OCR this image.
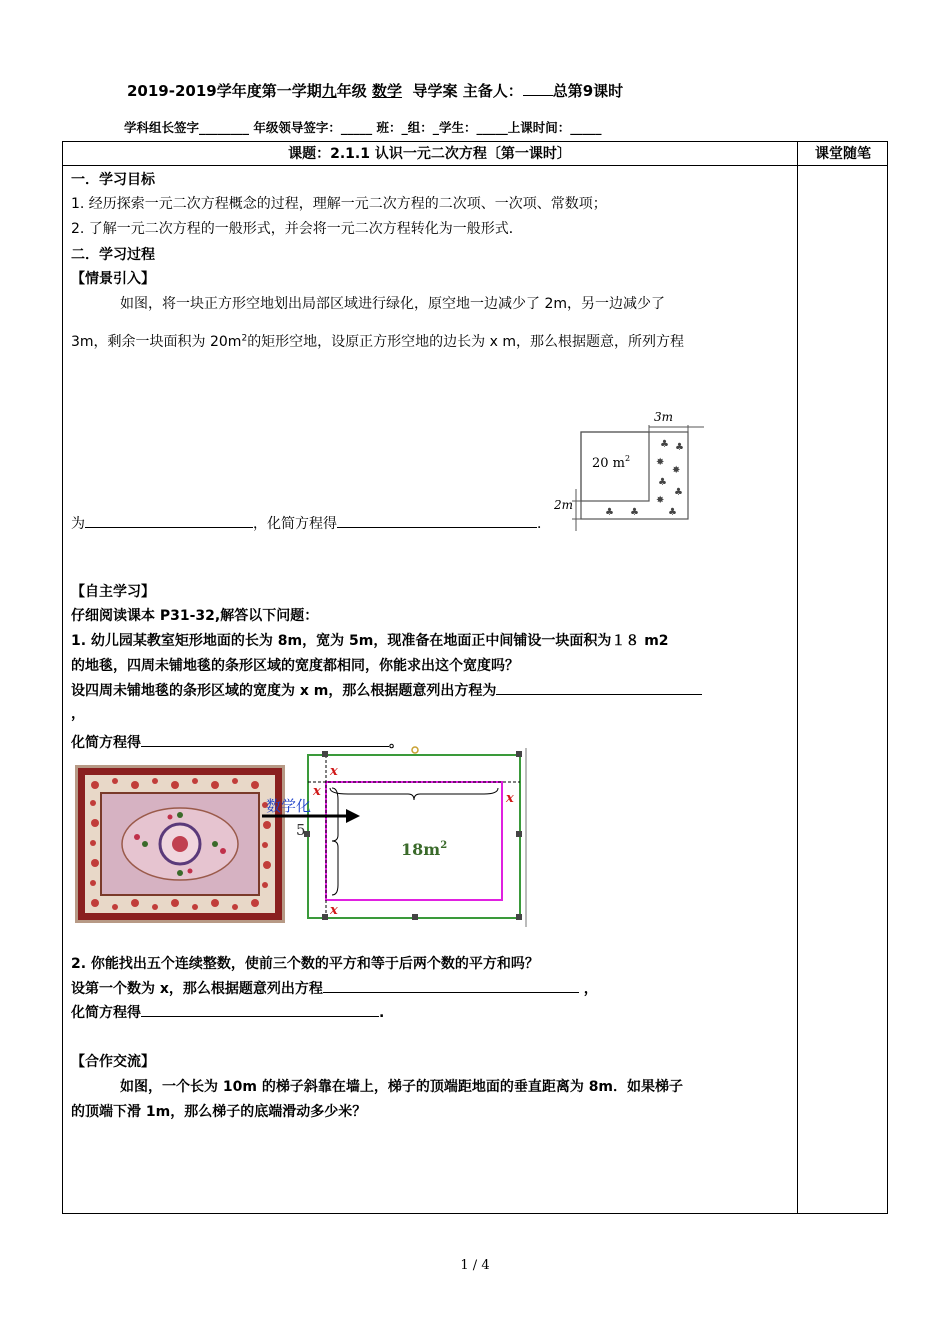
2019-2019学年度第一学期九年级 数学 导学案 主备人： 总第9课时
学科组长签字________ 年级领导签字：_____ 班：_组：_学生：_____上课时间：_____
课题：2.1.1 认识一元二次方程〔第一课时〕	课堂随笔
一．学习目标
1. 经历探索一元二次方程概念的过程，理解一元二次方程的二次项、一次项、常数项；
2. 了解一元二次方程的一般形式，并会将一元二次方程转化为一般形式．
二．学习过程
【情景引入】
如图，将一块正方形空地划出局部区域进行绿化，原空地一边减少了 2m，另一边减少了
3m，剩余一块面积为 $20m^2$的矩形空地，设原正方形空地的边长为 x m，那么根据题意，所列方程
为	，化简方程得	．
3m
20 $m^2$
2m
♣ ♣
✸
✸
♣
♣
✸
♣ ♣	♣
【自主学习】
仔细阅读课本 P31-32,解答以下问题：
1. 幼儿园某教室矩形地面的长为 8m，宽为 5m，现准备在地面正中间铺设一块面积为１８ m2
的地毯，四周未铺地毯的条形区域的宽度都相同，你能求出这个宽度吗？
设四周未铺地毯的条形区域的宽度为 x m，那么根据题意列出方程为
，
化简方程得	。
x
x	x
x
5
$18m^2$
数学化
2. 你能找出五个连续整数，使前三个数的平方和等于后两个数的平方和吗？
设第一个数为 x，那么根据题意列出方程	，
化简方程得	.
【合作交流】
如图，一个长为 10m 的梯子斜靠在墙上，梯子的顶端距地面的垂直距离为 8m．如果梯子
的顶端下滑 1m，那么梯子的底端滑动多少米？
1 / 4
